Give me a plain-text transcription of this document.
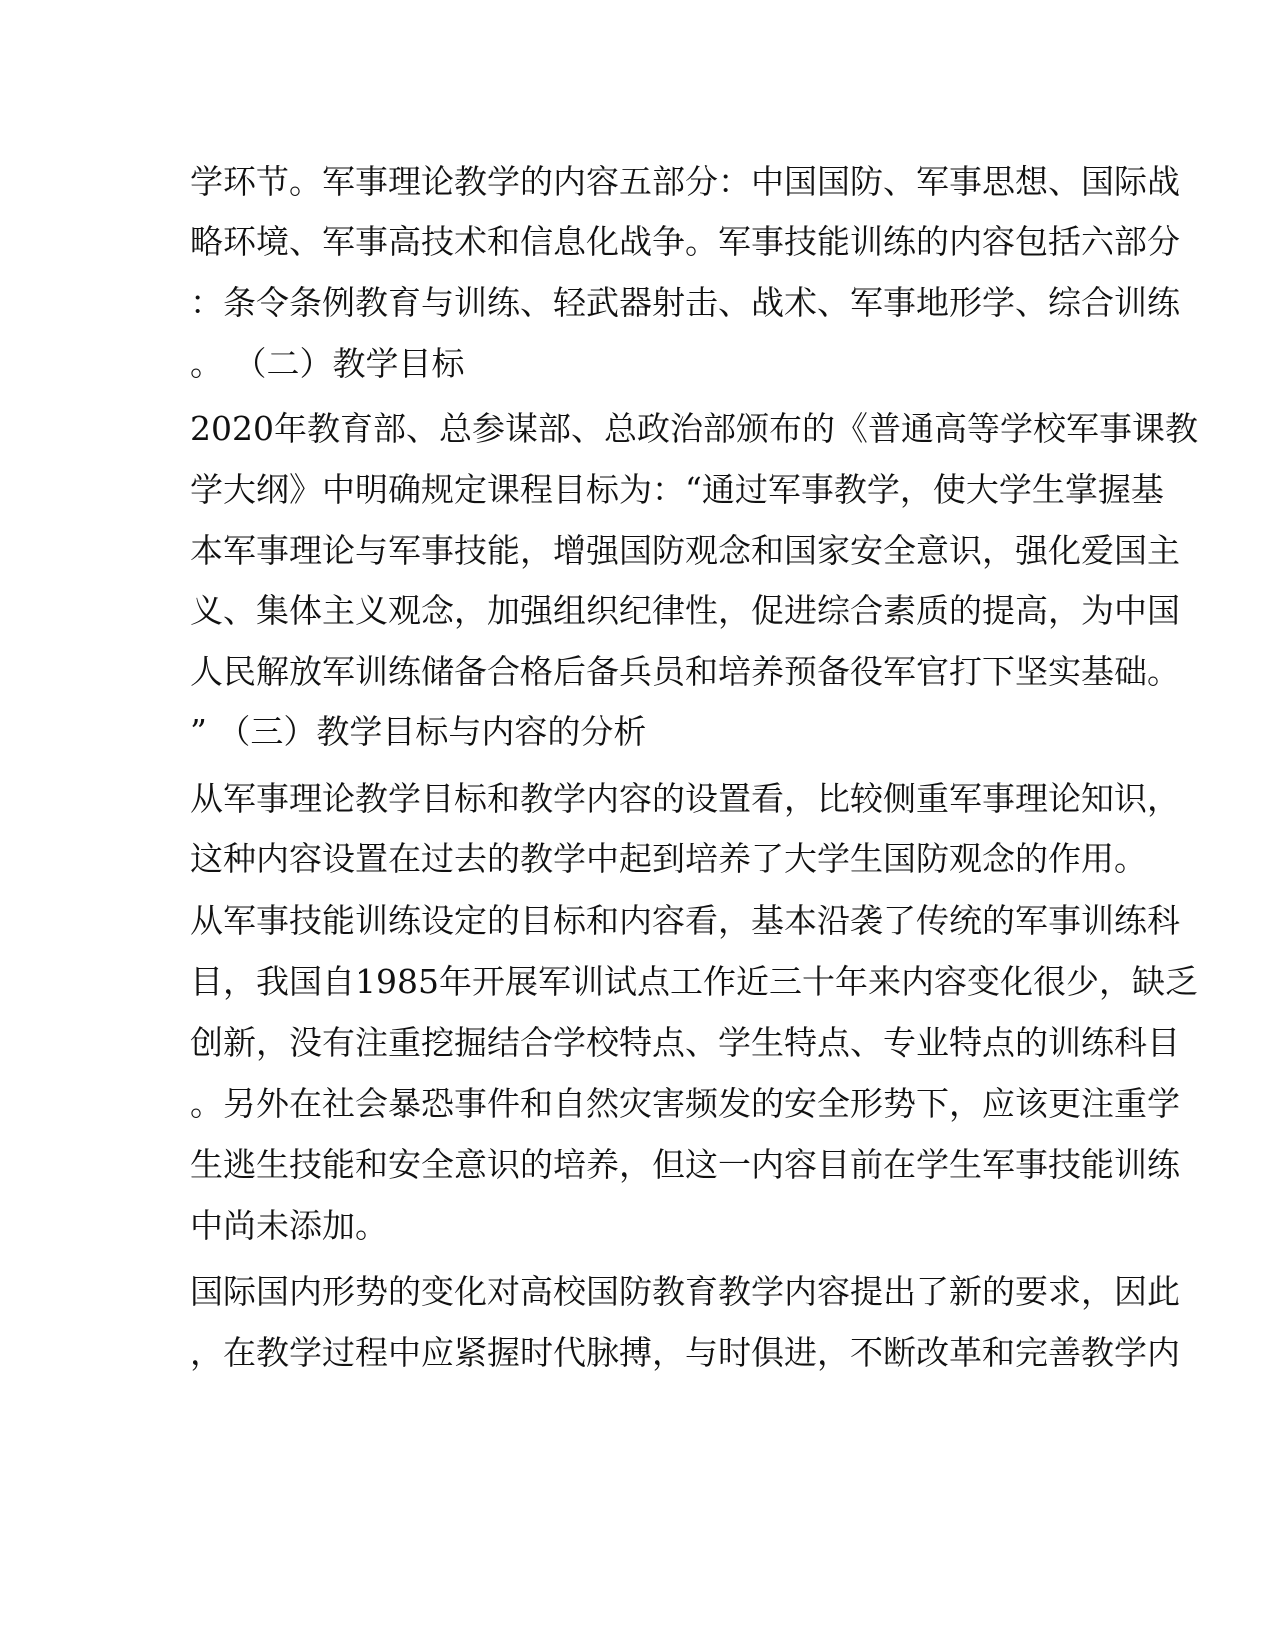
学环节。军事理论教学的内容五部分：中国国防、军事思想、国际战
略环境、军事高技术和信息化战争。军事技能训练的内容包括六部分
：条令条例教育与训练、轻武器射击、战术、军事地形学、综合训练
。 （二）教学目标
2020年教育部、总参谋部、总政治部颁布的《普通高等学校军事课教
学大纲》中明确规定课程目标为：“通过军事教学，使大学生掌握基
本军事理论与军事技能，增强国防观念和国家安全意识，强化爱国主
义、集体主义观念，加强组织纪律性，促进综合素质的提高，为中国
人民解放军训练储备合格后备兵员和培养预备役军官打下坚实基础。
” （三）教学目标与内容的分析
从军事理论教学目标和教学内容的设置看，比较侧重军事理论知识，
这种内容设置在过去的教学中起到培养了大学生国防观念的作用。
从军事技能训练设定的目标和内容看，基本沿袭了传统的军事训练科
目，我国自1985年开展军训试点工作近三十年来内容变化很少，缺乏
创新，没有注重挖掘结合学校特点、学生特点、专业特点的训练科目
。另外在社会暴恐事件和自然灾害频发的安全形势下，应该更注重学
生逃生技能和安全意识的培养，但这一内容目前在学生军事技能训练
中尚未添加。
国际国内形势的变化对高校国防教育教学内容提出了新的要求，因此
，在教学过程中应紧握时代脉搏，与时俱进，不断改革和完善教学内
